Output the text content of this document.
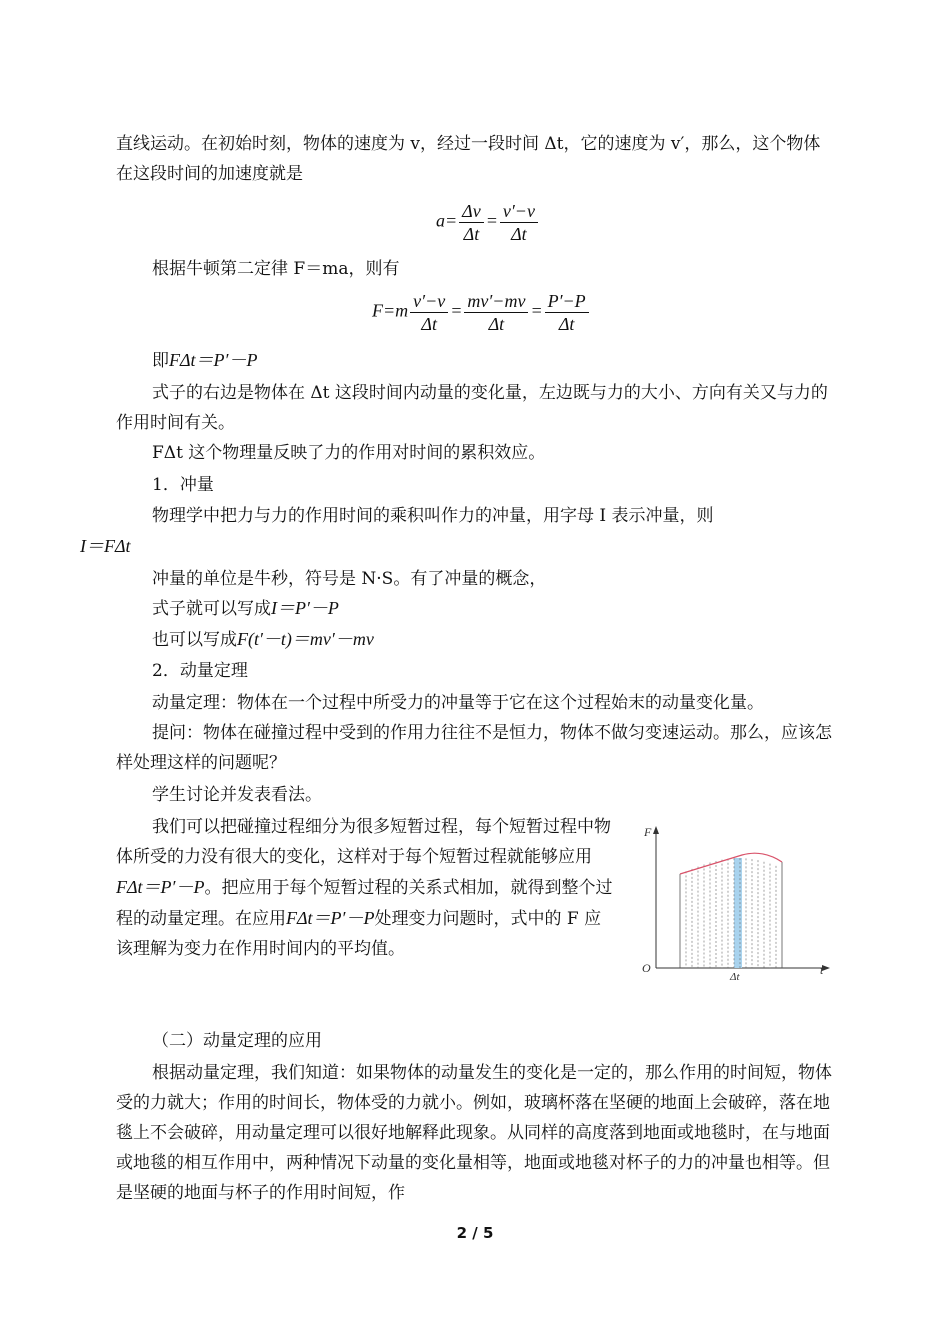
直线运动。在初始时刻，物体的速度为 v，经过一段时间 Δt，它的速度为 v′，那么，这个物体在这段时间的加速度就是

$a= \frac{\Delta v}{\Delta t} = \frac{v'-v}{\Delta t}$

根据牛顿第二定律 F＝ma，则有

$F=m \frac{v'-v}{\Delta t} = \frac{mv'-mv}{\Delta t} = \frac{P'-P}{\Delta t}$

即FΔt＝P′－P

式子的右边是物体在 Δt 这段时间内动量的变化量，左边既与力的大小、方向有关又与力的作用时间有关。

FΔt 这个物理量反映了力的作用对时间的累积效应。

1．冲量

物理学中把力与力的作用时间的乘积叫作力的冲量，用字母 I 表示冲量，则
I＝FΔt

冲量的单位是牛秒，符号是 N·S。有了冲量的概念，

式子就可以写成I＝P′－P

也可以写成F(t′－t)＝mv′－mv

2．动量定理

动量定理：物体在一个过程中所受力的冲量等于它在这个过程始末的动量变化量。

提问：物体在碰撞过程中受到的作用力往往不是恒力，物体不做匀变速运动。那么，应该怎样处理这样的问题呢？

学生讨论并发表看法。

我们可以把碰撞过程细分为很多短暂过程，每个短暂过程中物体所受的力没有很大的变化，这样对于每个短暂过程就能够应用FΔt＝P′－P。把应用于每个短暂过程的关系式相加，就得到整个过程的动量定理。在应用FΔt＝P′－P处理变力问题时，式中的 F 应该理解为变力在作用时间内的平均值。

F
t
O
Δt

（二）动量定理的应用

根据动量定理，我们知道：如果物体的动量发生的变化是一定的，那么作用的时间短，物体受的力就大；作用的时间长，物体受的力就小。例如，玻璃杯落在坚硬的地面上会破碎，落在地毯上不会破碎，用动量定理可以很好地解释此现象。从同样的高度落到地面或地毯时，在与地面或地毯的相互作用中，两种情况下动量的变化量相等，地面或地毯对杯子的力的冲量也相等。但是坚硬的地面与杯子的作用时间短，作

2 / 5
